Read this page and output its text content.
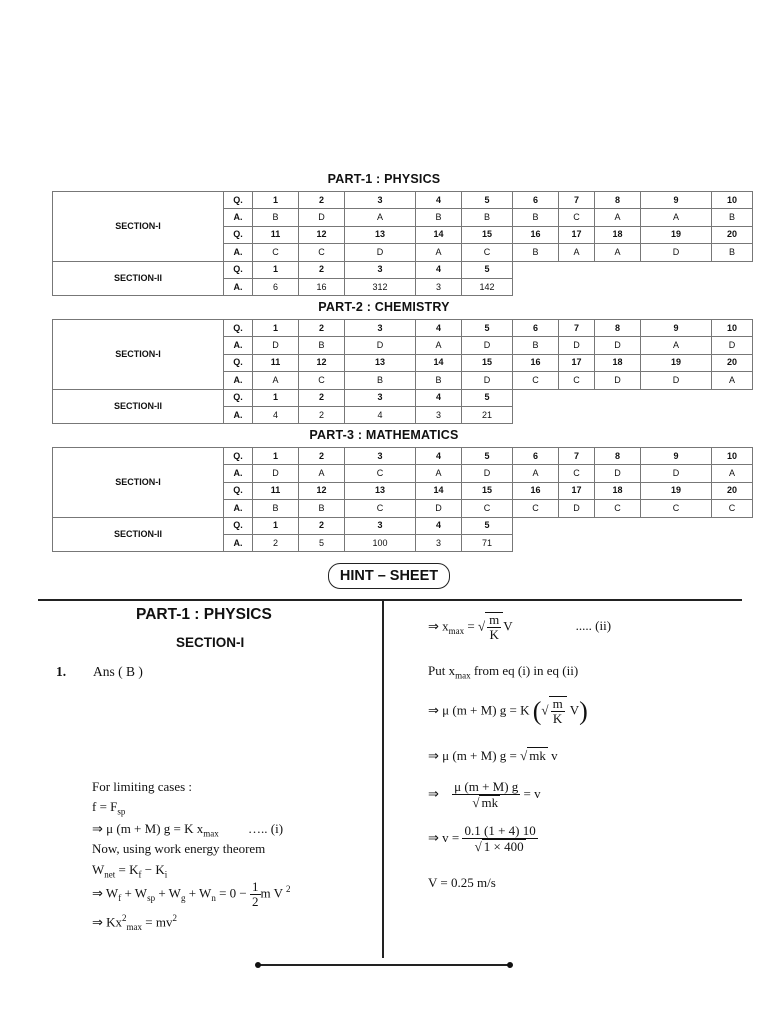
PART-1 : PHYSICS
SECTION-I	Q.	1	2	3	4	5	6	7	8	9	10
	A.	B	D	A	B	B	B	C	A	A	B
	Q.	11	12	13	14	15	16	17	18	19	20
	A.	C	C	D	A	C	B	A	A	D	B
SECTION-II	Q.	1	2	3	4	5					
	A.	6	16	312	3	142					
PART-2 : CHEMISTRY
SECTION-I	Q.	1	2	3	4	5	6	7	8	9	10
	A.	D	B	D	A	D	B	D	D	A	D
	Q.	11	12	13	14	15	16	17	18	19	20
	A.	A	C	B	B	D	C	C	D	D	A
SECTION-II	Q.	1	2	3	4	5					
	A.	4	2	4	3	21					
PART-3 : MATHEMATICS
SECTION-I	Q.	1	2	3	4	5	6	7	8	9	10
	A.	D	A	C	A	D	A	C	D	D	A
	Q.	11	12	13	14	15	16	17	18	19	20
	A.	B	B	C	D	C	C	D	C	C	C
SECTION-II	Q.	1	2	3	4	5					
	A.	2	5	100	3	71					
HINT – SHEET
PART-1 : PHYSICS
SECTION-I
1. Ans ( B )
For limiting cases :
$f = F_{sp}$
⇒ μ (m + M) g = K $x_{max}$ ….. (i)
Now, using work energy theorem
$W_{net} = K_f - K_i$
⇒ $W_f + W_{sp} + W_g + W_n = 0 - \frac{1}{2}$ m V $^2$
⇒ $Kx^2_{max} = mv^2$
⇒ $x_{max}$ = √ $\frac{m}{K}$ V	..... (ii)
Put $x_{max}$ from eq (i) in eq (ii)
⇒ μ (m + M) g = K (√ $\frac{m}{K} V$)
⇒ μ (m + M) g = √ mk v
⇒ $\frac{\mu (m + M) g}{√ mk} = v$
⇒ $v = \frac{0.1 (1 + 4) 10}{√ 1 \times 400}$
V = 0.25 m/s
